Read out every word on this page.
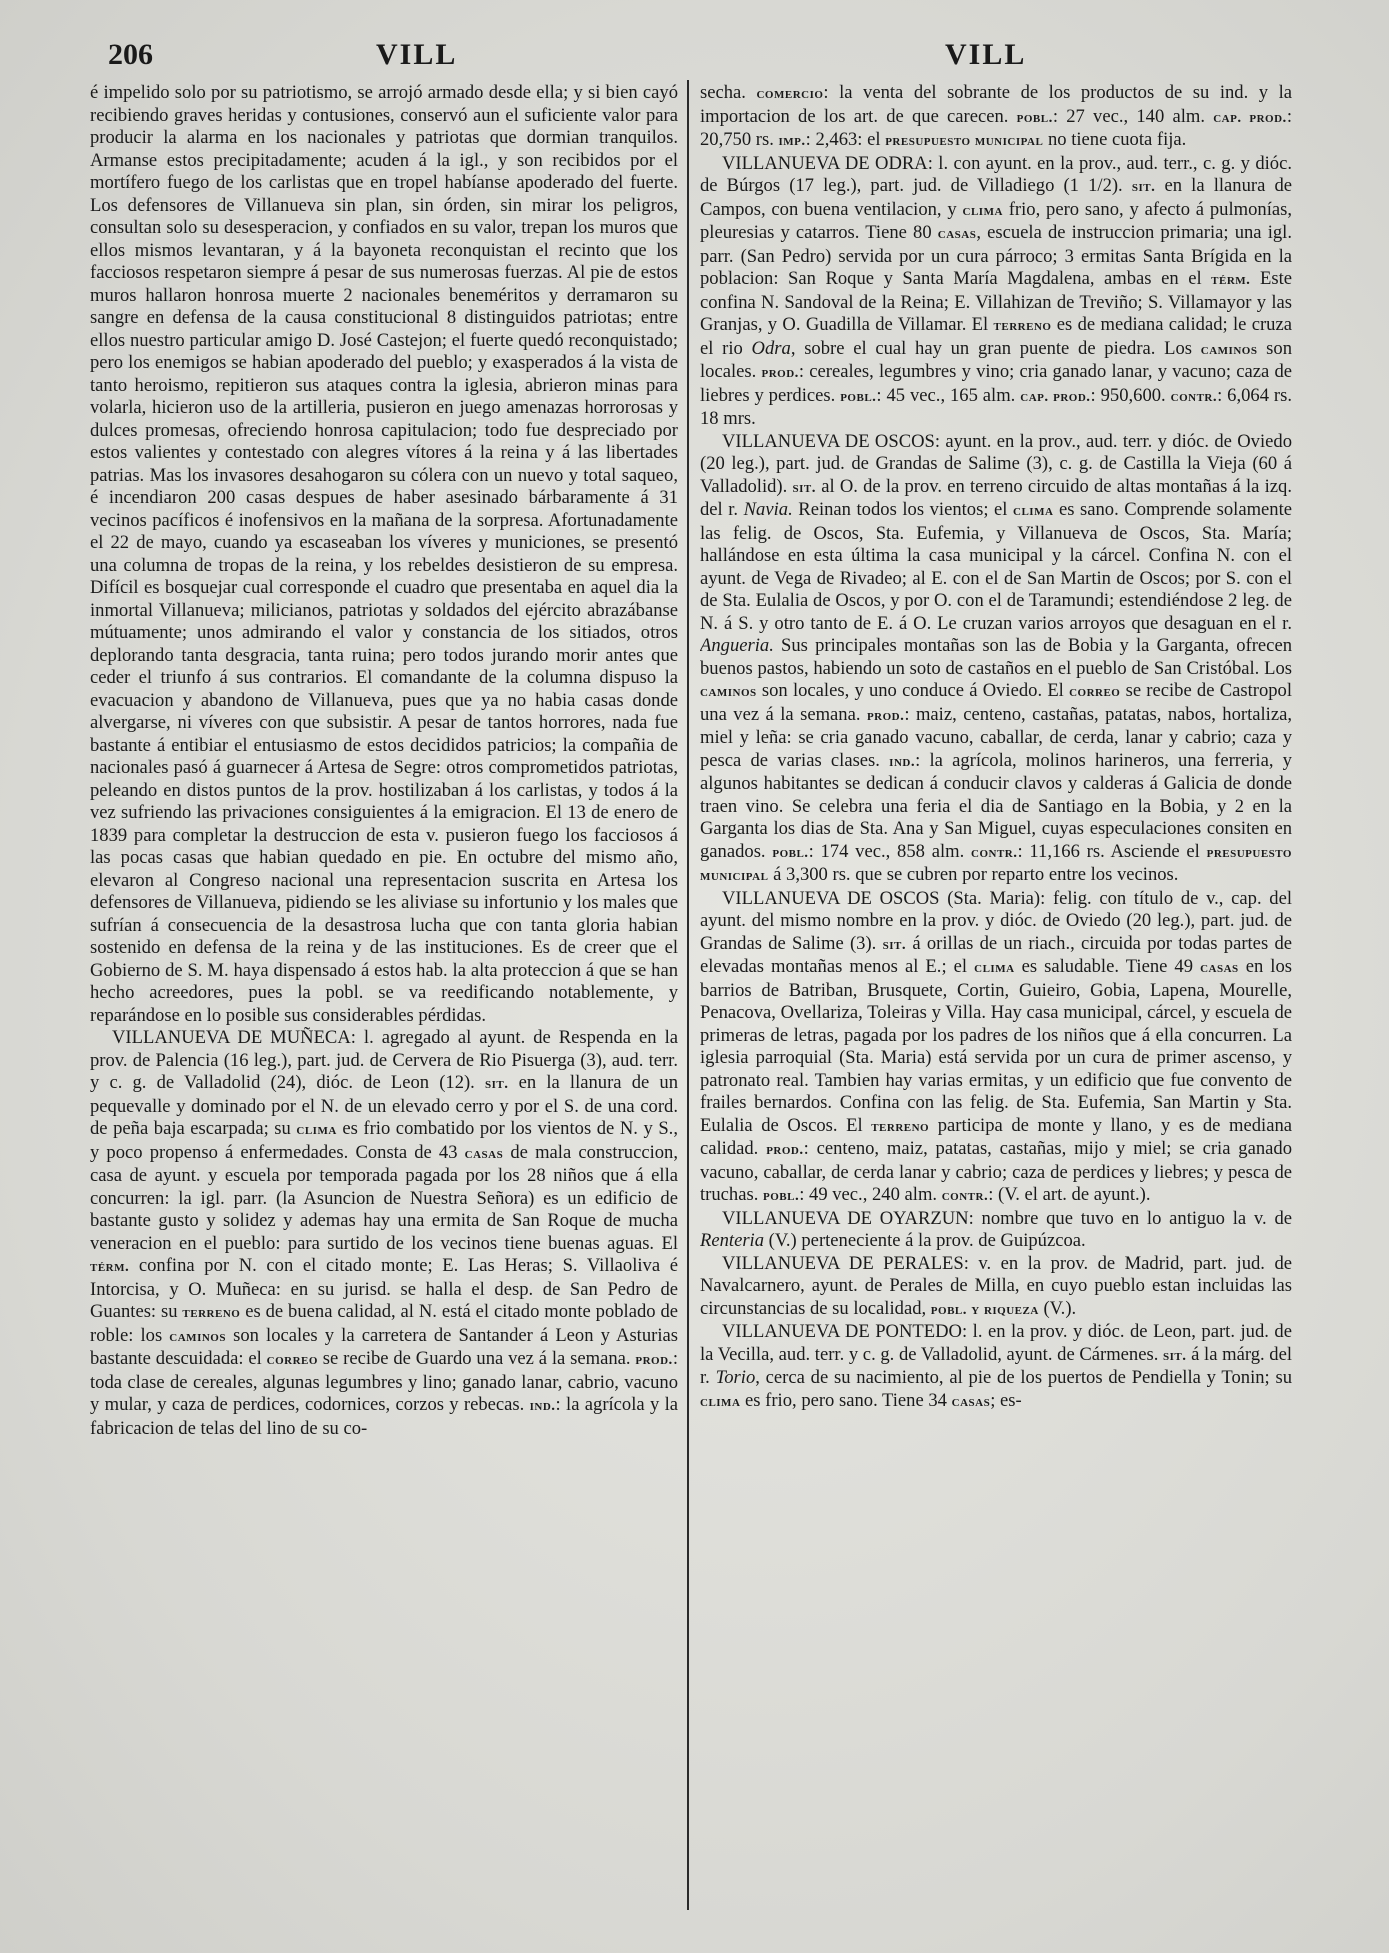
206	VILL	VILL

é impelido solo por su patriotismo, se arrojó armado desde ella; y si bien cayó recibiendo graves heridas y contusiones, conservó aun el suficiente valor para producir la alarma en los nacionales y patriotas que dormian tranquilos. Armanse estos precipitadamente; acuden á la igl., y son recibidos por el mortífero fuego de los carlistas que en tropel habíanse apoderado del fuerte. Los defensores de Villanueva sin plan, sin órden, sin mirar los peligros, consultan solo su desesperacion, y confiados en su valor, trepan los muros que ellos mismos levantaran, y á la bayoneta reconquistan el recinto que los facciosos respetaron siempre á pesar de sus numerosas fuerzas. Al pie de estos muros hallaron honrosa muerte 2 nacionales beneméritos y derramaron su sangre en defensa de la causa constitucional 8 distinguidos patriotas; entre ellos nuestro particular amigo D. José Castejon; el fuerte quedó reconquistado; pero los enemigos se habian apoderado del pueblo; y exasperados á la vista de tanto heroismo, repitieron sus ataques contra la iglesia, abrieron minas para volarla, hicieron uso de la artilleria, pusieron en juego amenazas horrorosas y dulces promesas, ofreciendo honrosa capitulacion; todo fue despreciado por estos valientes y contestado con alegres vítores á la reina y á las libertades patrias. Mas los invasores desahogaron su cólera con un nuevo y total saqueo, é incendiaron 200 casas despues de haber asesinado bárbaramente á 31 vecinos pacíficos é inofensivos en la mañana de la sorpresa. Afortunadamente el 22 de mayo, cuando ya escaseaban los víveres y municiones, se presentó una columna de tropas de la reina, y los rebeldes desistieron de su empresa. Difícil es bosquejar cual corresponde el cuadro que presentaba en aquel dia la inmortal Villanueva; milicianos, patriotas y soldados del ejército abrazábanse mútuamente; unos admirando el valor y constancia de los sitiados, otros deplorando tanta desgracia, tanta ruina; pero todos jurando morir antes que ceder el triunfo á sus contrarios. El comandante de la columna dispuso la evacuacion y abandono de Villanueva, pues que ya no habia casas donde alvergarse, ni víveres con que subsistir. A pesar de tantos horrores, nada fue bastante á entibiar el entusiasmo de estos decididos patricios; la compañia de nacionales pasó á guarnecer á Artesa de Segre: otros comprometidos patriotas, peleando en distos puntos de la prov. hostilizaban á los carlistas, y todos á la vez sufriendo las privaciones consiguientes á la emigracion. El 13 de enero de 1839 para completar la destruccion de esta v. pusieron fuego los facciosos á las pocas casas que habian quedado en pie. En octubre del mismo año, elevaron al Congreso nacional una representacion suscrita en Artesa los defensores de Villanueva, pidiendo se les aliviase su infortunio y los males que sufrían á consecuencia de la desastrosa lucha que con tanta gloria habian sostenido en defensa de la reina y de las instituciones. Es de creer que el Gobierno de S. M. haya dispensado á estos hab. la alta proteccion á que se han hecho acreedores, pues la pobl. se va reedificando notablemente, y reparándose en lo posible sus considerables pérdidas.

VILLANUEVA DE MUÑECA: l. agregado al ayunt. de Respenda en la prov. de Palencia (16 leg.), part. jud. de Cervera de Rio Pisuerga (3), aud. terr. y c. g. de Valladolid (24), dióc. de Leon (12). sit. en la llanura de un pequevalle y dominado por el N. de un elevado cerro y por el S. de una cord. de peña baja escarpada; su clima es frio combatido por los vientos de N. y S., y poco propenso á enfermedades. Consta de 43 casas de mala construccion, casa de ayunt. y escuela por temporada pagada por los 28 niños que á ella concurren: la igl. parr. (la Asuncion de Nuestra Señora) es un edificio de bastante gusto y solidez y ademas hay una ermita de San Roque de mucha veneracion en el pueblo: para surtido de los vecinos tiene buenas aguas. El térm. confina por N. con el citado monte; E. Las Heras; S. Villaoliva é Intorcisa, y O. Muñeca: en su jurisd. se halla el desp. de San Pedro de Guantes: su terreno es de buena calidad, al N. está el citado monte poblado de roble: los caminos son locales y la carretera de Santander á Leon y Asturias bastante descuidada: el correo se recibe de Guardo una vez á la semana. prod.: toda clase de cereales, algunas legumbres y lino; ganado lanar, cabrio, vacuno y mular, y caza de perdices, codornices, corzos y rebecas. ind.: la agrícola y la fabricacion de telas del lino de su co-

secha. comercio: la venta del sobrante de los productos de su ind. y la importacion de los art. de que carecen. pobl.: 27 vec., 140 alm. cap. prod.: 20,750 rs. imp.: 2,463: el presupuesto municipal no tiene cuota fija.

VILLANUEVA DE ODRA: l. con ayunt. en la prov., aud. terr., c. g. y dióc. de Búrgos (17 leg.), part. jud. de Villadiego (1 1/2). sit. en la llanura de Campos, con buena ventilacion, y clima frio, pero sano, y afecto á pulmonías, pleuresias y catarros. Tiene 80 casas, escuela de instruccion primaria; una igl. parr. (San Pedro) servida por un cura párroco; 3 ermitas Santa Brígida en la poblacion: San Roque y Santa María Magdalena, ambas en el térm. Este confina N. Sandoval de la Reina; E. Villahizan de Treviño; S. Villamayor y las Granjas, y O. Guadilla de Villamar. El terreno es de mediana calidad; le cruza el rio Odra, sobre el cual hay un gran puente de piedra. Los caminos son locales. prod.: cereales, legumbres y vino; cria ganado lanar, y vacuno; caza de liebres y perdices. pobl.: 45 vec., 165 alm. cap. prod.: 950,600. contr.: 6,064 rs. 18 mrs.

VILLANUEVA DE OSCOS: ayunt. en la prov., aud. terr. y dióc. de Oviedo (20 leg.), part. jud. de Grandas de Salime (3), c. g. de Castilla la Vieja (60 á Valladolid). sit. al O. de la prov. en terreno circuido de altas montañas á la izq. del r. Navia. Reinan todos los vientos; el clima es sano. Comprende solamente las felig. de Oscos, Sta. Eufemia, y Villanueva de Oscos, Sta. María; hallándose en esta última la casa municipal y la cárcel. Confina N. con el ayunt. de Vega de Rivadeo; al E. con el de San Martin de Oscos; por S. con el de Sta. Eulalia de Oscos, y por O. con el de Taramundi; estendiéndose 2 leg. de N. á S. y otro tanto de E. á O. Le cruzan varios arroyos que desaguan en el r. Angueria. Sus principales montañas son las de Bobia y la Garganta, ofrecen buenos pastos, habiendo un soto de castaños en el pueblo de San Cristóbal. Los caminos son locales, y uno conduce á Oviedo. El correo se recibe de Castropol una vez á la semana. prod.: maiz, centeno, castañas, patatas, nabos, hortaliza, miel y leña: se cria ganado vacuno, caballar, de cerda, lanar y cabrio; caza y pesca de varias clases. ind.: la agrícola, molinos harineros, una ferreria, y algunos habitantes se dedican á conducir clavos y calderas á Galicia de donde traen vino. Se celebra una feria el dia de Santiago en la Bobia, y 2 en la Garganta los dias de Sta. Ana y San Miguel, cuyas especulaciones consiten en ganados. pobl.: 174 vec., 858 alm. contr.: 11,166 rs. Asciende el presupuesto municipal á 3,300 rs. que se cubren por reparto entre los vecinos.

VILLANUEVA DE OSCOS (Sta. Maria): felig. con título de v., cap. del ayunt. del mismo nombre en la prov. y dióc. de Oviedo (20 leg.), part. jud. de Grandas de Salime (3). sit. á orillas de un riach., circuida por todas partes de elevadas montañas menos al E.; el clima es saludable. Tiene 49 casas en los barrios de Batriban, Brusquete, Cortin, Guieiro, Gobia, Lapena, Mourelle, Penacova, Ovellariza, Toleiras y Villa. Hay casa municipal, cárcel, y escuela de primeras de letras, pagada por los padres de los niños que á ella concurren. La iglesia parroquial (Sta. Maria) está servida por un cura de primer ascenso, y patronato real. Tambien hay varias ermitas, y un edificio que fue convento de frailes bernardos. Confina con las felig. de Sta. Eufemia, San Martin y Sta. Eulalia de Oscos. El terreno participa de monte y llano, y es de mediana calidad. prod.: centeno, maiz, patatas, castañas, mijo y miel; se cria ganado vacuno, caballar, de cerda lanar y cabrio; caza de perdices y liebres; y pesca de truchas. pobl.: 49 vec., 240 alm. contr.: (V. el art. de ayunt.).

VILLANUEVA DE OYARZUN: nombre que tuvo en lo antiguo la v. de Renteria (V.) perteneciente á la prov. de Guipúzcoa.

VILLANUEVA DE PERALES: v. en la prov. de Madrid, part. jud. de Navalcarnero, ayunt. de Perales de Milla, en cuyo pueblo estan incluidas las circunstancias de su localidad, pobl. y riqueza (V.).

VILLANUEVA DE PONTEDO: l. en la prov. y dióc. de Leon, part. jud. de la Vecilla, aud. terr. y c. g. de Valladolid, ayunt. de Cármenes. sit. á la márg. del r. Torio, cerca de su nacimiento, al pie de los puertos de Pendiella y Tonin; su clima es frio, pero sano. Tiene 34 casas; es-
